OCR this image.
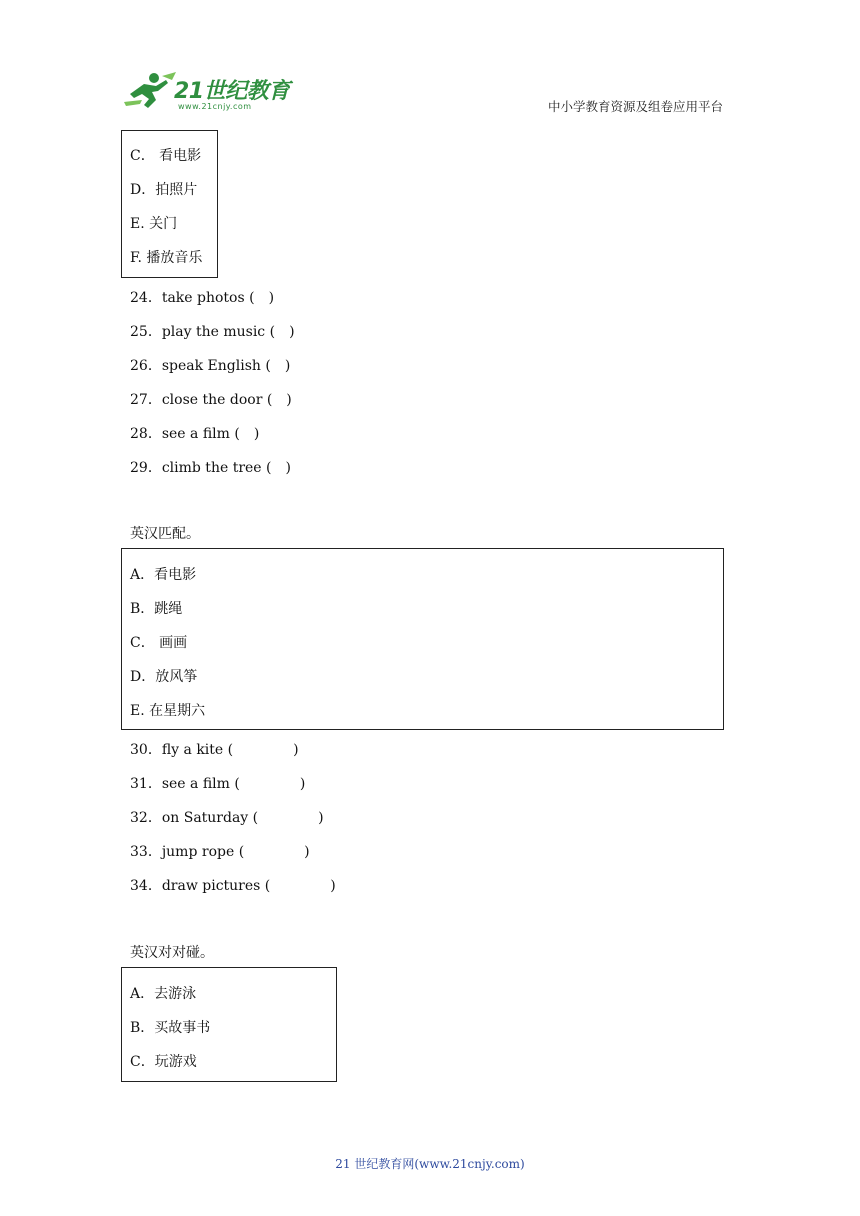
21世纪教育
www.21cnjy.com	中小学教育资源及组卷应用平台
C． 看电影
D．拍照片
E. 关门
F. 播放音乐
24．take photos ( )
25．play the music ( )
26．speak English ( )
27．close the door ( )
28．see a film ( )
29．climb the tree ( )
英汉匹配。
A．看电影
B．跳绳
C． 画画
D．放风筝
E. 在星期六
30．fly a kite (	)
31．see a film (	)
32．on Saturday (	)
33．jump rope (	)
34．draw pictures (	)
英汉对对碰。
A．去游泳
B．买故事书
C．玩游戏
21 世纪教育网(www.21cnjy.com)
